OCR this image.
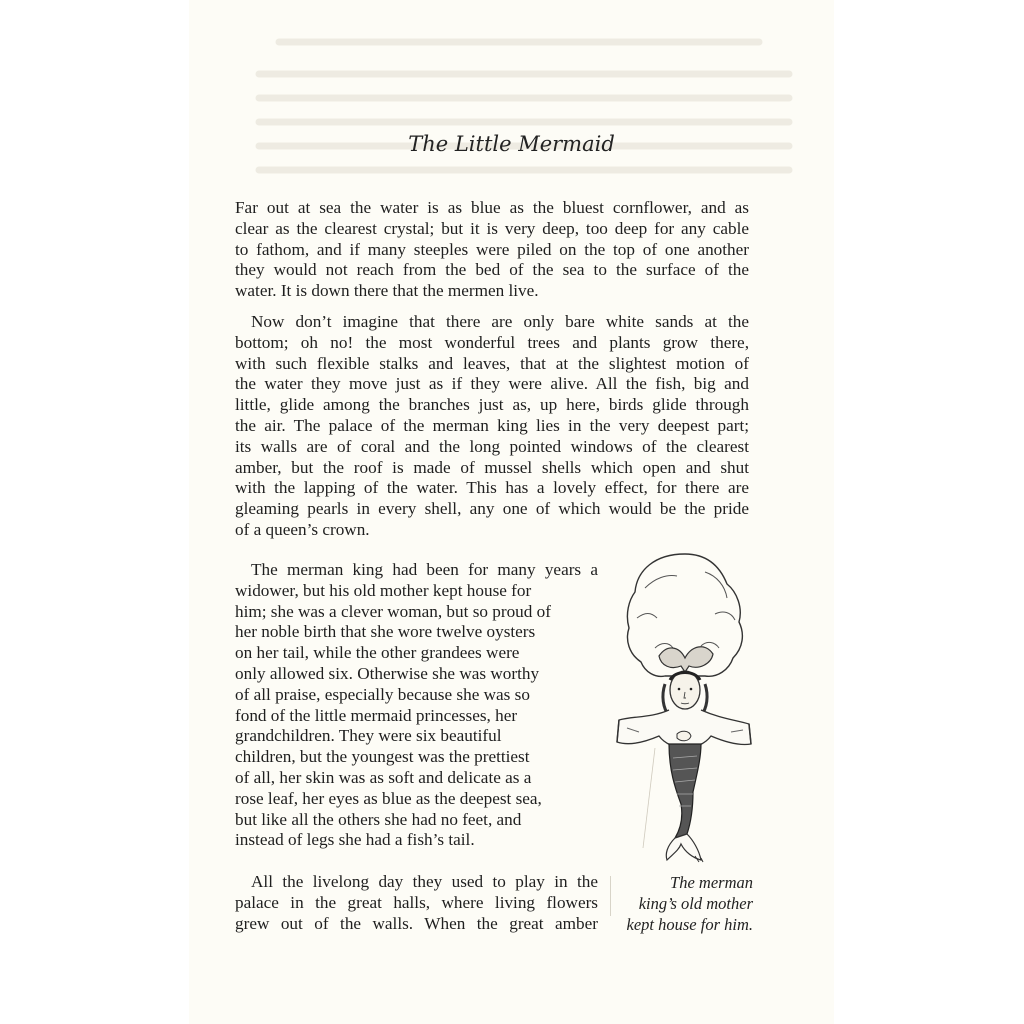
The Little Mermaid

Far out at sea the water is as blue as the bluest cornflower, and as
clear as the clearest crystal; but it is very deep, too deep for any cable
to fathom, and if many steeples were piled on the top of one another
they would not reach from the bed of the sea to the surface of the
water. It is down there that the mermen live.

Now don’t imagine that there are only bare white sands at the
bottom; oh no! the most wonderful trees and plants grow there,
with such flexible stalks and leaves, that at the slightest motion of
the water they move just as if they were alive. All the fish, big and
little, glide among the branches just as, up here, birds glide through
the air. The palace of the merman king lies in the very deepest part;
its walls are of coral and the long pointed windows of the clearest
amber, but the roof is made of mussel shells which open and shut
with the lapping of the water. This has a lovely effect, for there are
gleaming pearls in every shell, any one of which would be the pride
of a queen’s crown.

The merman king had been for many years a
widower, but his old mother kept house for
him; she was a clever woman, but so proud of
her noble birth that she wore twelve oysters
on her tail, while the other grandees were
only allowed six. Otherwise she was worthy
of all praise, especially because she was so
fond of the little mermaid princesses, her
grandchildren. They were six beautiful
children, but the youngest was the prettiest
of all, her skin was as soft and delicate as a
rose leaf, her eyes as blue as the deepest sea,
but like all the others she had no feet, and
instead of legs she had a fish’s tail.

All the livelong day they used to play in the
palace in the great halls, where living flowers
grew out of the walls. When the great amber

The merman
king’s old mother
kept house for him.
